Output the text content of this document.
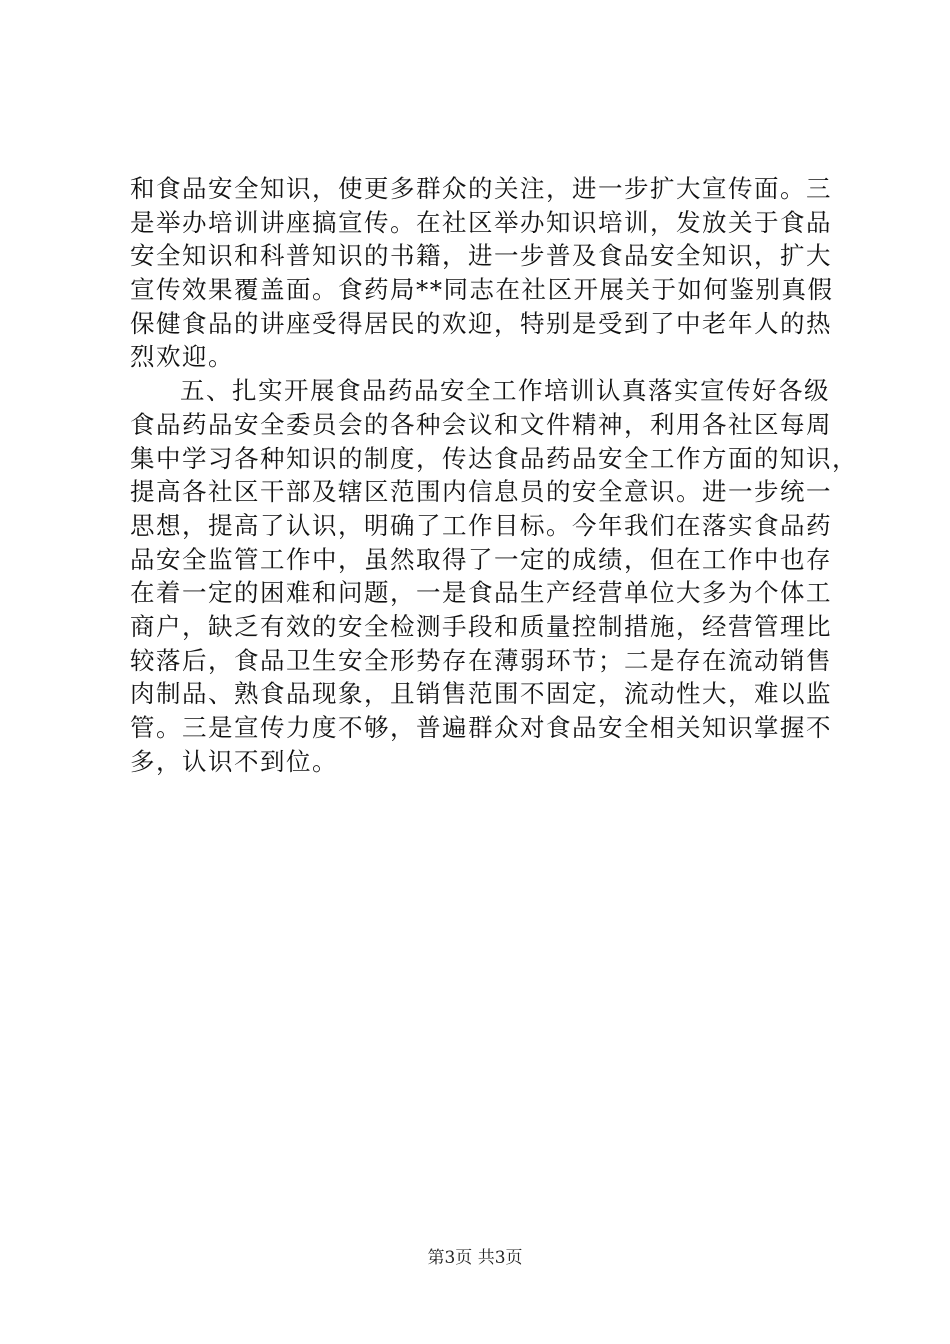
和食品安全知识，使更多群众的关注，进一步扩大宣传面。三
是举办培训讲座搞宣传。在社区举办知识培训，发放关于食品
安全知识和科普知识的书籍，进一步普及食品安全知识，扩大
宣传效果覆盖面。食药局**同志在社区开展关于如何鉴别真假
保健食品的讲座受得居民的欢迎，特别是受到了中老年人的热
烈欢迎。
五、扎实开展食品药品安全工作培训认真落实宣传好各级
食品药品安全委员会的各种会议和文件精神，利用各社区每周
集中学习各种知识的制度，传达食品药品安全工作方面的知识，
提高各社区干部及辖区范围内信息员的安全意识。进一步统一
思想，提高了认识，明确了工作目标。今年我们在落实食品药
品安全监管工作中，虽然取得了一定的成绩，但在工作中也存
在着一定的困难和问题，一是食品生产经营单位大多为个体工
商户，缺乏有效的安全检测手段和质量控制措施，经营管理比
较落后，食品卫生安全形势存在薄弱环节；二是存在流动销售
肉制品、熟食品现象，且销售范围不固定，流动性大，难以监
管。三是宣传力度不够，普遍群众对食品安全相关知识掌握不
多，认识不到位。
第3页 共3页
